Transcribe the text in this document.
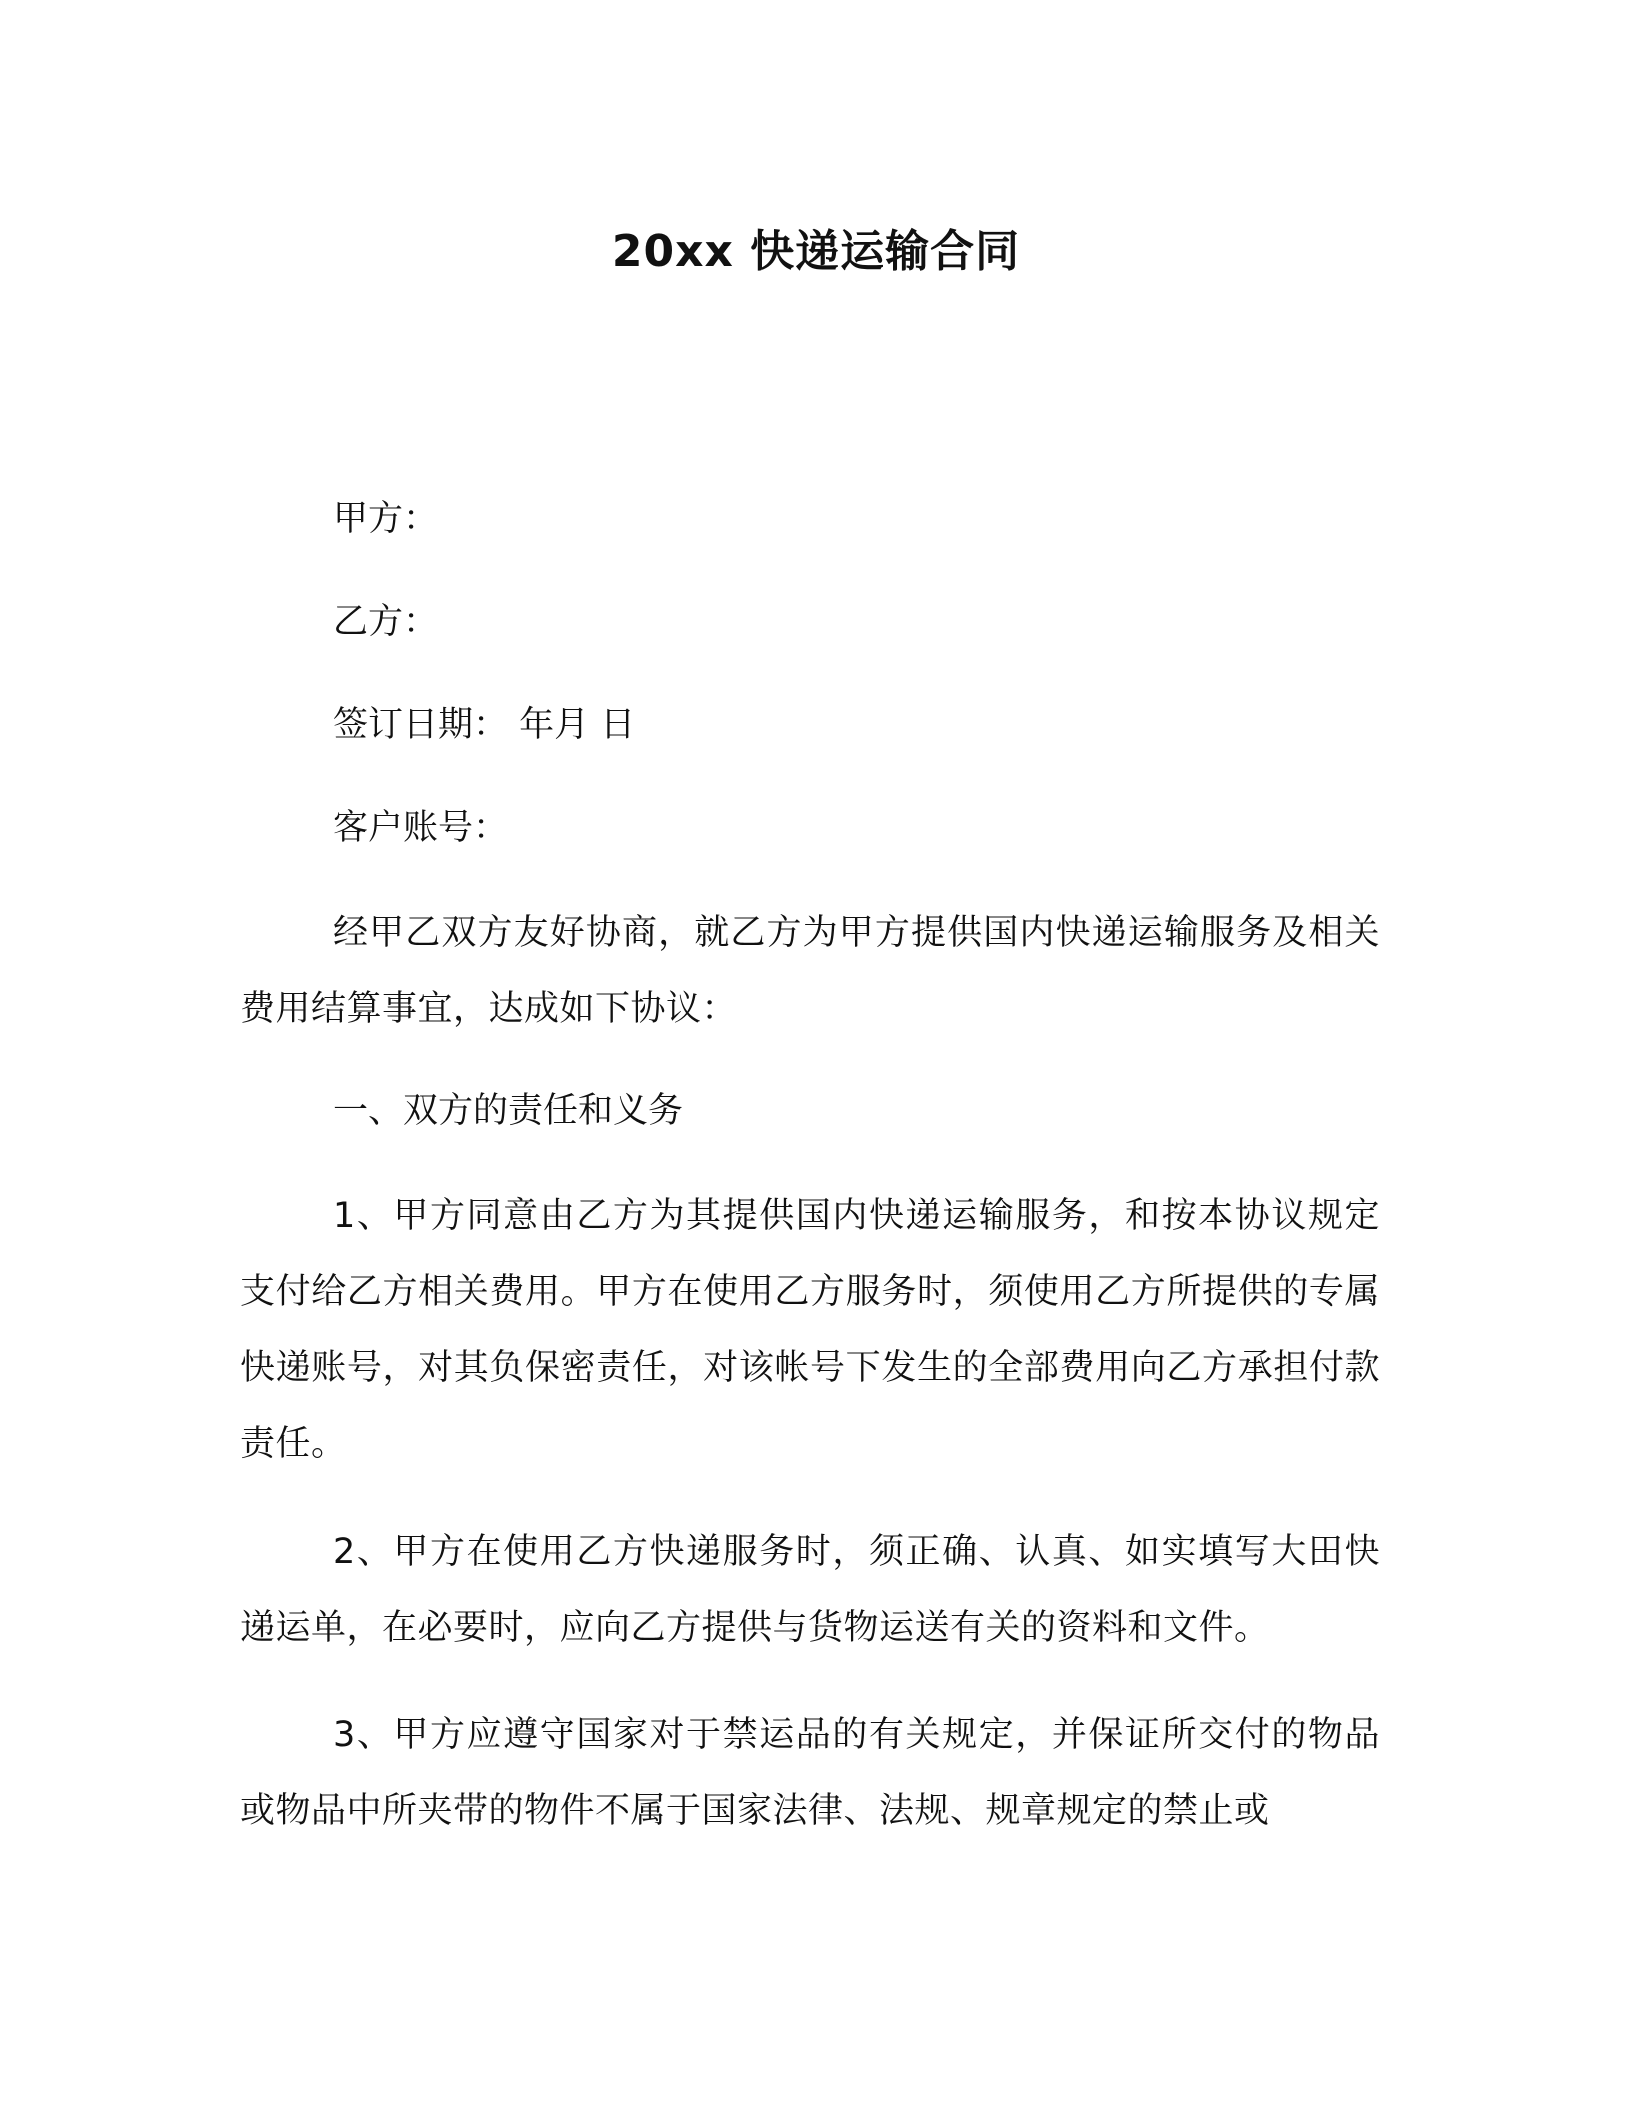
20xx 快递运输合同
甲方：
乙方：
签订日期： 年月 日
客户账号：
经甲乙双方友好协商，就乙方为甲方提供国内快递运输服务及相关费用结算事宜，达成如下协议：
一、双方的责任和义务
1、甲方同意由乙方为其提供国内快递运输服务，和按本协议规定支付给乙方相关费用。甲方在使用乙方服务时，须使用乙方所提供的专属快递账号，对其负保密责任，对该帐号下发生的全部费用向乙方承担付款责任。
2、甲方在使用乙方快递服务时，须正确、认真、如实填写大田快递运单，在必要时，应向乙方提供与货物运送有关的资料和文件。
3、甲方应遵守国家对于禁运品的有关规定，并保证所交付的物品或物品中所夹带的物件不属于国家法律、法规、规章规定的禁止或
